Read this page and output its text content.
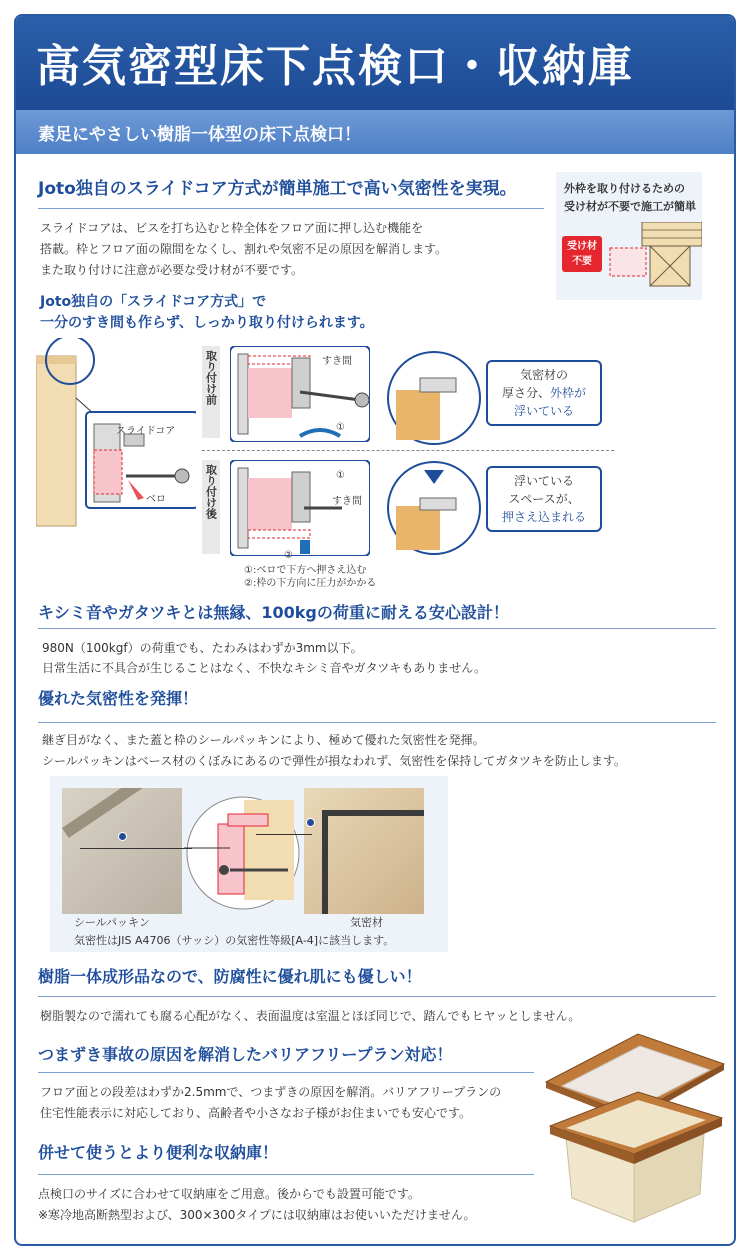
高気密型床下点検口・収納庫
素足にやさしい樹脂一体型の床下点検口！
Joto独自のスライドコア方式が簡単施工で高い気密性を実現。
スライドコアは、ビスを打ち込むと枠全体をフロア面に押し込む機能を
搭載。枠とフロア面の隙間をなくし、割れや気密不足の原因を解消します。
また取り付けに注意が必要な受け材が不要です。
外枠を取り付けるための
受け材が不要で施工が簡単
受け材
不要
Joto独自の「スライドコア方式」で
一分のすき間も作らず、しっかり取り付けられます。
スライドコア
ベロ
取り付け前
取り付け後
すき間
①
①
すき間
②
①:ベロで下方へ押さえ込む
②:枠の下方向に圧力がかかる
気密材の
厚さ分、外枠が
浮いている
浮いている
スペースが、
押さえ込まれる
キシミ音やガタツキとは無縁、100kgの荷重に耐える安心設計！
980N（100kgf）の荷重でも、たわみはわずか3mm以下。
日常生活に不具合が生じることはなく、不快なキシミ音やガタツキもありません。
優れた気密性を発揮！
継ぎ目がなく、また蓋と枠のシールパッキンにより、極めて優れた気密性を発揮。
シールパッキンはベース材のくぼみにあるので弾性が損なわれず、気密性を保持してガタツキを防止します。
シールパッキン	気密材
気密性はJIS A4706（サッシ）の気密性等級[A-4]に該当します。
樹脂一体成形品なので、防腐性に優れ肌にも優しい！
樹脂製なので濡れても腐る心配がなく、表面温度は室温とほぼ同じで、踏んでもヒヤッとしません。
つまずき事故の原因を解消したバリアフリープラン対応！
フロア面との段差はわずか2.5mmで、つまずきの原因を解消。バリアフリープランの
住宅性能表示に対応しており、高齢者や小さなお子様がお住まいでも安心です。
併せて使うとより便利な収納庫！
点検口のサイズに合わせて収納庫をご用意。後からでも設置可能です。
※寒冷地高断熱型および、300×300タイプには収納庫はお使いいただけません。
